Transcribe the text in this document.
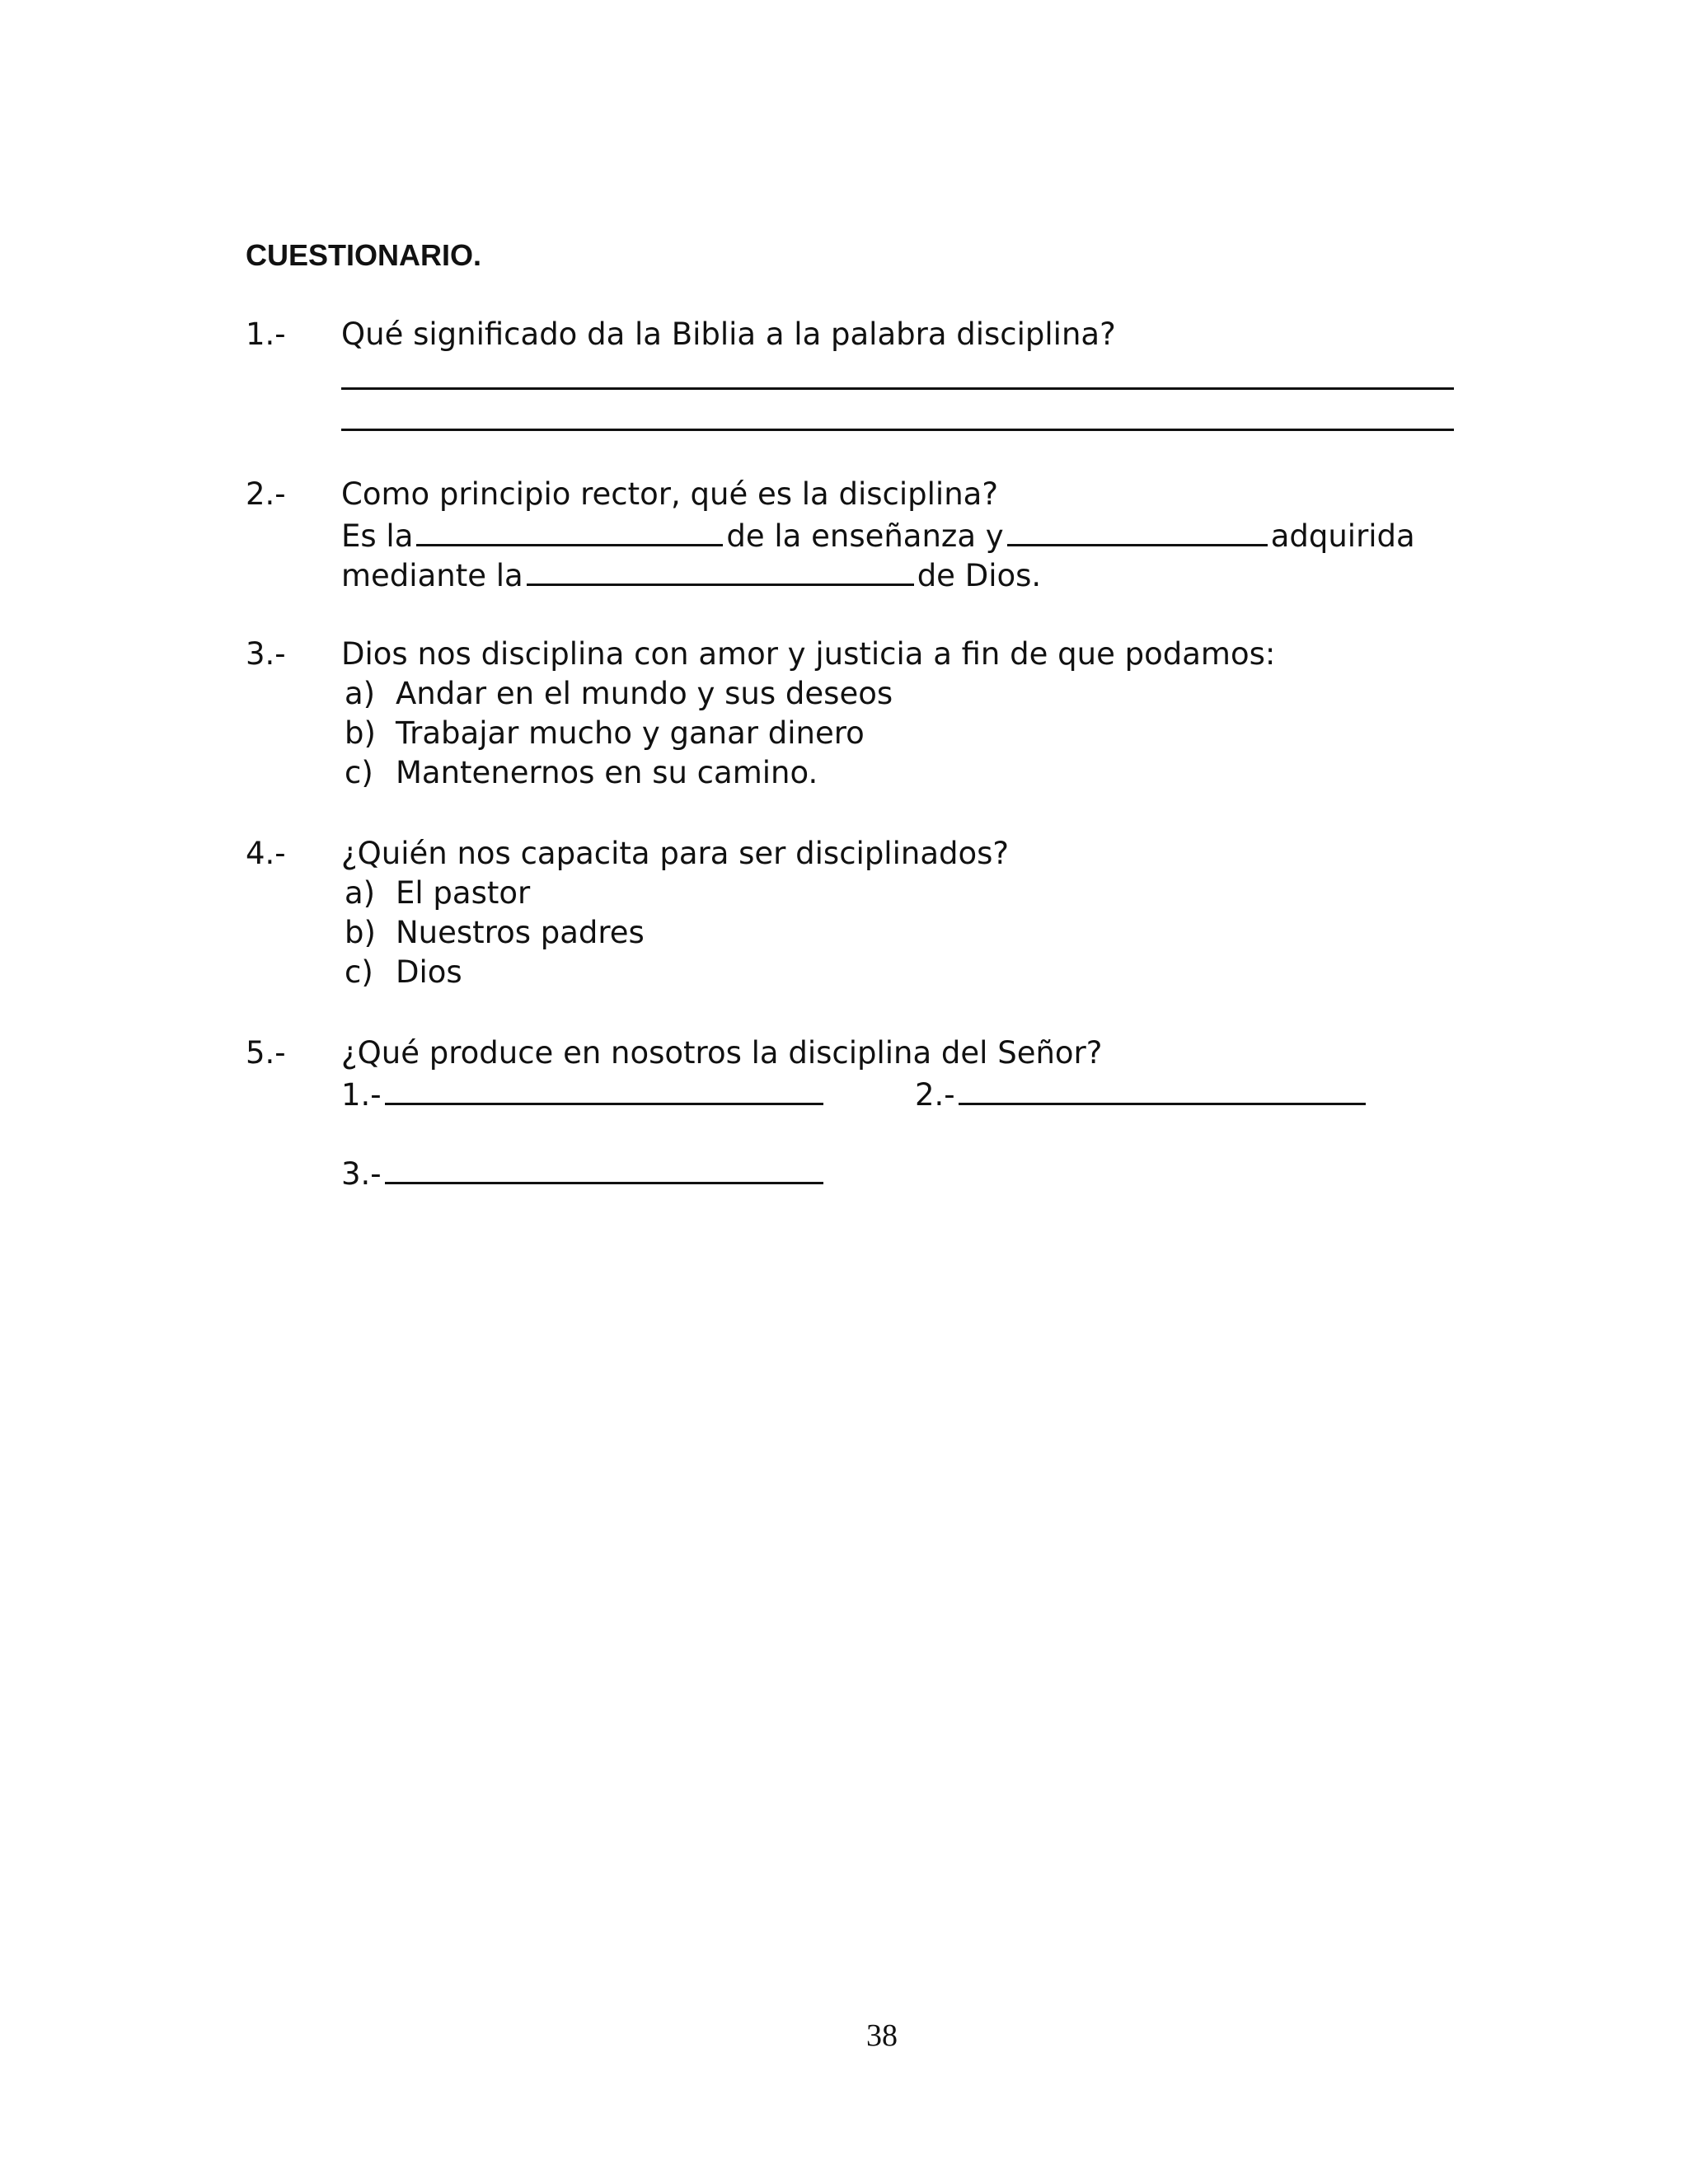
CUESTIONARIO.
1.- Qué significado da la Biblia a la palabra disciplina?
2.- Como principio rector, qué es la disciplina?
Es la	de la enseñanza y	adquirida
mediante la	de Dios.
3.- Dios nos disciplina con amor y justicia a fin de que podamos:
a) Andar en el mundo y sus deseos
b) Trabajar mucho y ganar dinero
c) Mantenernos en su camino.
4.- ¿Quién nos capacita para ser disciplinados?
a) El pastor
b) Nuestros padres
c) Dios
5.- ¿Qué produce en nosotros la disciplina del Señor?
1.-	2.-
3.-
38
